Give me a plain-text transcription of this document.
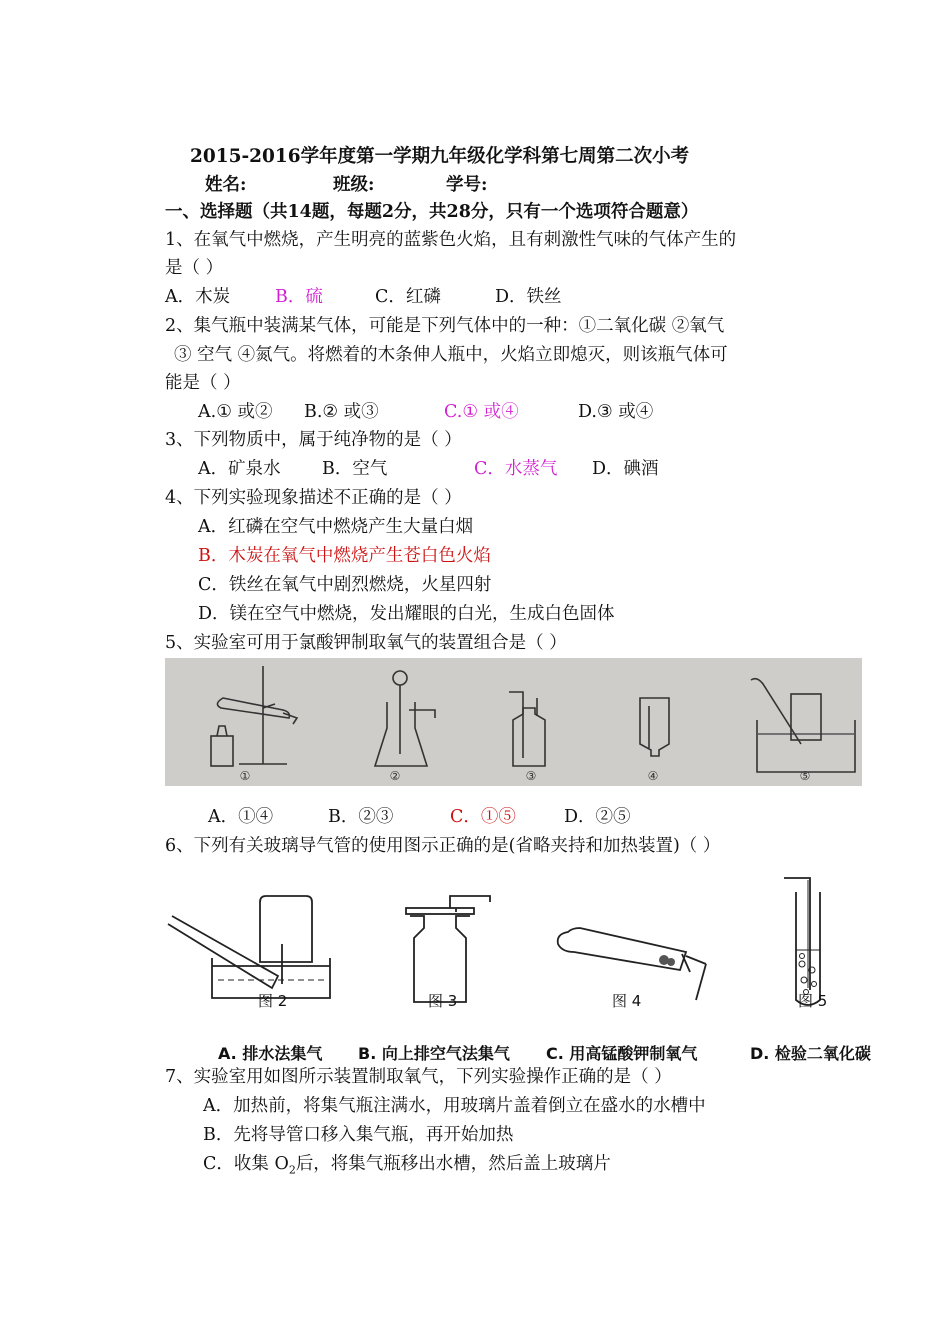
2015-2016学年度第一学期九年级化学科第七周第二次小考
姓名:	班级:	学号:
一、选择题（共14题，每题2分，共28分，只有一个选项符合题意）
1、在氧气中燃烧，产生明亮的蓝紫色火焰，且有刺激性气味的气体产生的
是（ ）
A．木炭	B．硫	C．红磷	D．铁丝
2、集气瓶中装满某气体，可能是下列气体中的一种：①二氧化碳 ②氧气
③ 空气 ④氮气。将燃着的木条伸人瓶中，火焰立即熄灭，则该瓶气体可
能是（ ）
A.① 或② B.② 或③	C.① 或④	D.③ 或④
3、下列物质中，属于纯净物的是（ ）
A．矿泉水 B．空气	C．水蒸气 D．碘酒
4、下列实验现象描述不正确的是（ ）
A．红磷在空气中燃烧产生大量白烟
B．木炭在氧气中燃烧产生苍白色火焰
C．铁丝在氧气中剧烈燃烧，火星四射
D．镁在空气中燃烧，发出耀眼的白光，生成白色固体
5、实验室可用于氯酸钾制取氧气的装置组合是（ ）
①	②	③	④	⑤
A．①④	B．②③	C．①⑤	D．②⑤
6、下列有关玻璃导气管的使用图示正确的是(省略夹持和加热装置)（ ）
图 2	图 3	图 4	图 5
A. 排水法集气 B. 向上排空气法集气 C. 用高锰酸钾制氧气	D. 检验二氧化碳
7、实验室用如图所示装置制取氧气，下列实验操作正确的是（ ）
A．加热前，将集气瓶注满水，用玻璃片盖着倒立在盛水的水槽中
B．先将导管口移入集气瓶，再开始加热
C．收集 $O_2$后，将集气瓶移出水槽，然后盖上玻璃片
